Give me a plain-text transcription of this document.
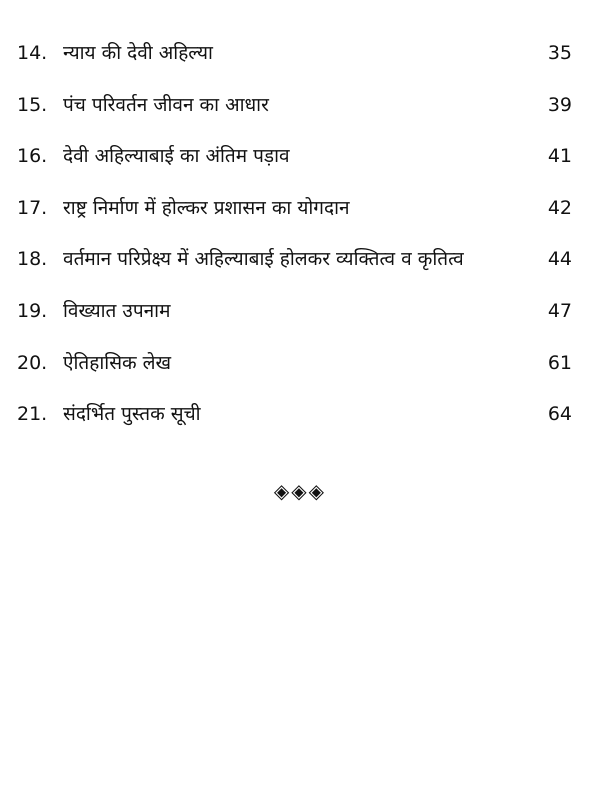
14. न्याय की देवी अहिल्या	35
15. पंच परिवर्तन जीवन का आधार	39
16. देवी अहिल्याबाई का अंतिम पड़ाव	41
17. राष्ट्र निर्माण में होल्कर प्रशासन का योगदान	42
18. वर्तमान परिप्रेक्ष्य में अहिल्याबाई होलकर व्यक्तित्व व कृतित्व	44
19. विख्यात उपनाम	47
20. ऐतिहासिक लेख	61
21. संदर्भित पुस्तक सूची	64
◈◈◈
